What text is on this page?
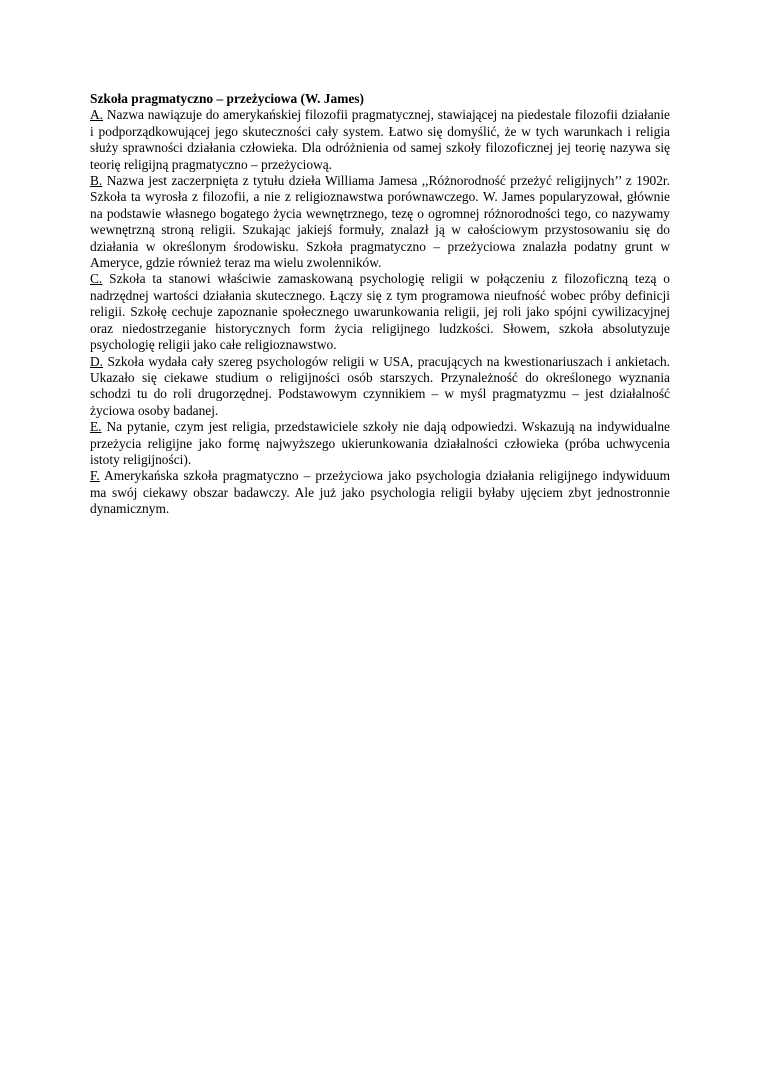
Szkoła pragmatyczno – przeżyciowa (W. James)

A. Nazwa nawiązuje do amerykańskiej filozofii pragmatycznej, stawiającej na piedestale filozofii działanie i podporządkowującej jego skuteczności cały system. Łatwo się domyślić, że w tych warunkach i religia służy sprawności działania człowieka. Dla odróżnienia od samej szkoły filozoficznej jej teorię nazywa się teorię religijną pragmatyczno – przeżyciową.

B. Nazwa jest zaczerpnięta z tytułu dzieła Williama Jamesa ,,Różnorodność przeżyć religijnych’’ z 1902r. Szkoła ta wyrosła z filozofii, a nie z religioznawstwa porównawczego. W. James popularyzował, głównie na podstawie własnego bogatego życia wewnętrznego, tezę o ogromnej różnorodności tego, co nazywamy wewnętrzną stroną religii. Szukając jakiejś formuły, znalazł ją w całościowym przystosowaniu się do działania w określonym środowisku. Szkoła pragmatyczno – przeżyciowa znalazła podatny grunt w Ameryce, gdzie również teraz ma wielu zwolenników.

C. Szkoła ta stanowi właściwie zamaskowaną psychologię religii w połączeniu z filozoficzną tezą o nadrzędnej wartości działania skutecznego. Łączy się z tym programowa nieufność wobec próby definicji religii. Szkołę cechuje zapoznanie społecznego uwarunkowania religii, jej roli jako spójni cywilizacyjnej oraz niedostrzeganie historycznych form życia religijnego ludzkości. Słowem, szkoła absolutyzuje psychologię religii jako całe religioznawstwo.

D. Szkoła wydała cały szereg psychologów religii w USA, pracujących na kwestionariuszach i ankietach. Ukazało się ciekawe studium o religijności osób starszych. Przynależność do określonego wyznania schodzi tu do roli drugorzędnej. Podstawowym czynnikiem – w myśl pragmatyzmu – jest działalność życiowa osoby badanej.

E. Na pytanie, czym jest religia, przedstawiciele szkoły nie dają odpowiedzi. Wskazują na indywidualne przeżycia religijne jako formę najwyższego ukierunkowania działalności człowieka (próba uchwycenia istoty religijności).

F. Amerykańska szkoła pragmatyczno – przeżyciowa jako psychologia działania religijnego indywiduum ma swój ciekawy obszar badawczy. Ale już jako psychologia religii byłaby ujęciem zbyt jednostronnie dynamicznym.
